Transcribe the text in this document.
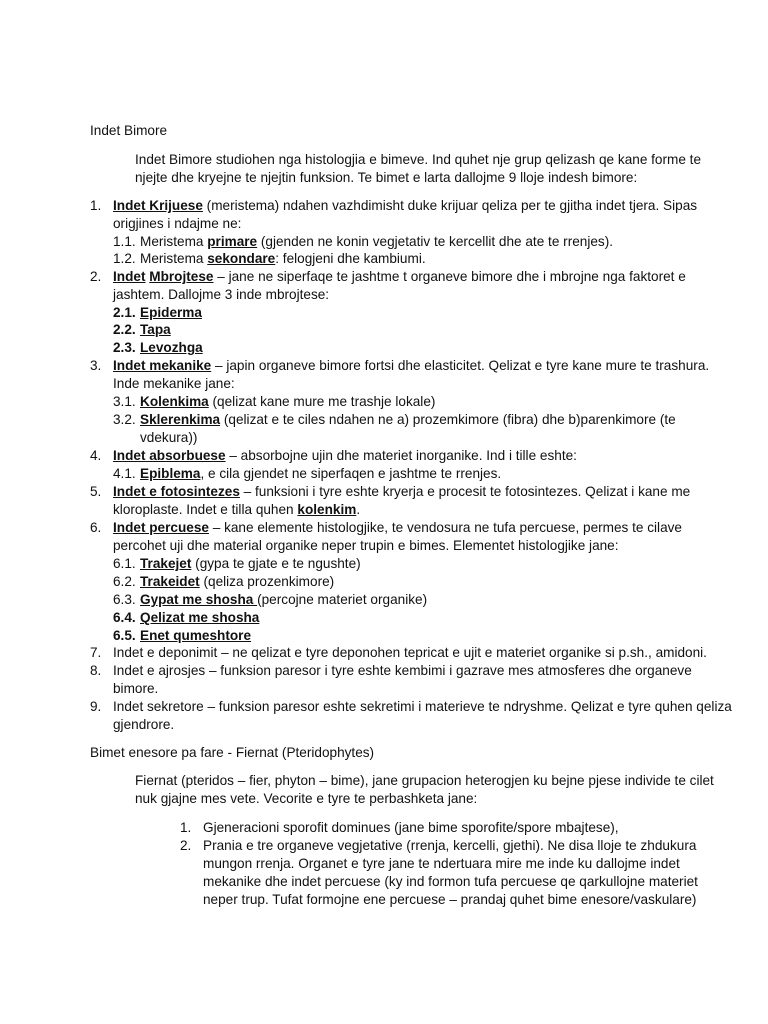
Indet Bimore
Indet Bimore studiohen nga histologjia e bimeve. Ind quhet nje grup qelizash qe kane forme te
njejte dhe kryejne te njejtin funksion. Te bimet e larta dallojme 9 lloje indesh bimore:
1. Indet Krijuese (meristema) ndahen vazhdimisht duke krijuar qeliza per te gjitha indet tjera. Sipas
origjines i ndajme ne:
1.1. Meristema primare (gjenden ne konin vegjetativ te kercellit dhe ate te rrenjes).
1.2. Meristema sekondare: felogjeni dhe kambiumi.
2. Indet Mbrojtese – jane ne siperfaqe te jashtme t organeve bimore dhe i mbrojne nga faktoret e
jashtem. Dallojme 3 inde mbrojtese:
2.1. Epiderma
2.2. Tapa
2.3. Levozhga
3. Indet mekanike – japin organeve bimore fortsi dhe elasticitet. Qelizat e tyre kane mure te trashura.
Inde mekanike jane:
3.1. Kolenkima (qelizat kane mure me trashje lokale)
3.2. Sklerenkima (qelizat e te ciles ndahen ne a) prozemkimore (fibra) dhe b)parenkimore (te
vdekura))
4. Indet absorbuese – absorbojne ujin dhe materiet inorganike. Ind i tille eshte:
4.1. Epiblema, e cila gjendet ne siperfaqen e jashtme te rrenjes.
5. Indet e fotosintezes – funksioni i tyre eshte kryerja e procesit te fotosintezes. Qelizat i kane me
kloroplaste. Indet e tilla quhen kolenkim.
6. Indet percuese – kane elemente histologjike, te vendosura ne tufa percuese, permes te cilave
percohet uji dhe material organike neper trupin e bimes. Elementet histologjike jane:
6.1. Trakejet (gypa te gjate e te ngushte)
6.2. Trakeidet (qeliza prozenkimore)
6.3. Gypat me shosha (percojne materiet organike)
6.4. Qelizat me shosha
6.5. Enet qumeshtore
7. Indet e deponimit – ne qelizat e tyre deponohen tepricat e ujit e materiet organike si p.sh., amidoni.
8. Indet e ajrosjes – funksion paresor i tyre eshte kembimi i gazrave mes atmosferes dhe organeve
bimore.
9. Indet sekretore – funksion paresor eshte sekretimi i materieve te ndryshme. Qelizat e tyre quhen qeliza
gjendrore.
Bimet enesore pa fare - Fiernat (Pteridophytes)
Fiernat (pteridos – fier, phyton – bime), jane grupacion heterogjen ku bejne pjese individe te cilet
nuk gjajne mes vete. Vecorite e tyre te perbashketa jane:
1. Gjeneracioni sporofit dominues (jane bime sporofite/spore mbajtese),
2. Prania e tre organeve vegjetative (rrenja, kercelli, gjethi). Ne disa lloje te zhdukura
mungon rrenja. Organet e tyre jane te ndertuara mire me inde ku dallojme indet
mekanike dhe indet percuese (ky ind formon tufa percuese qe qarkullojne materiet
neper trup. Tufat formojne ene percuese – prandaj quhet bime enesore/vaskulare)
